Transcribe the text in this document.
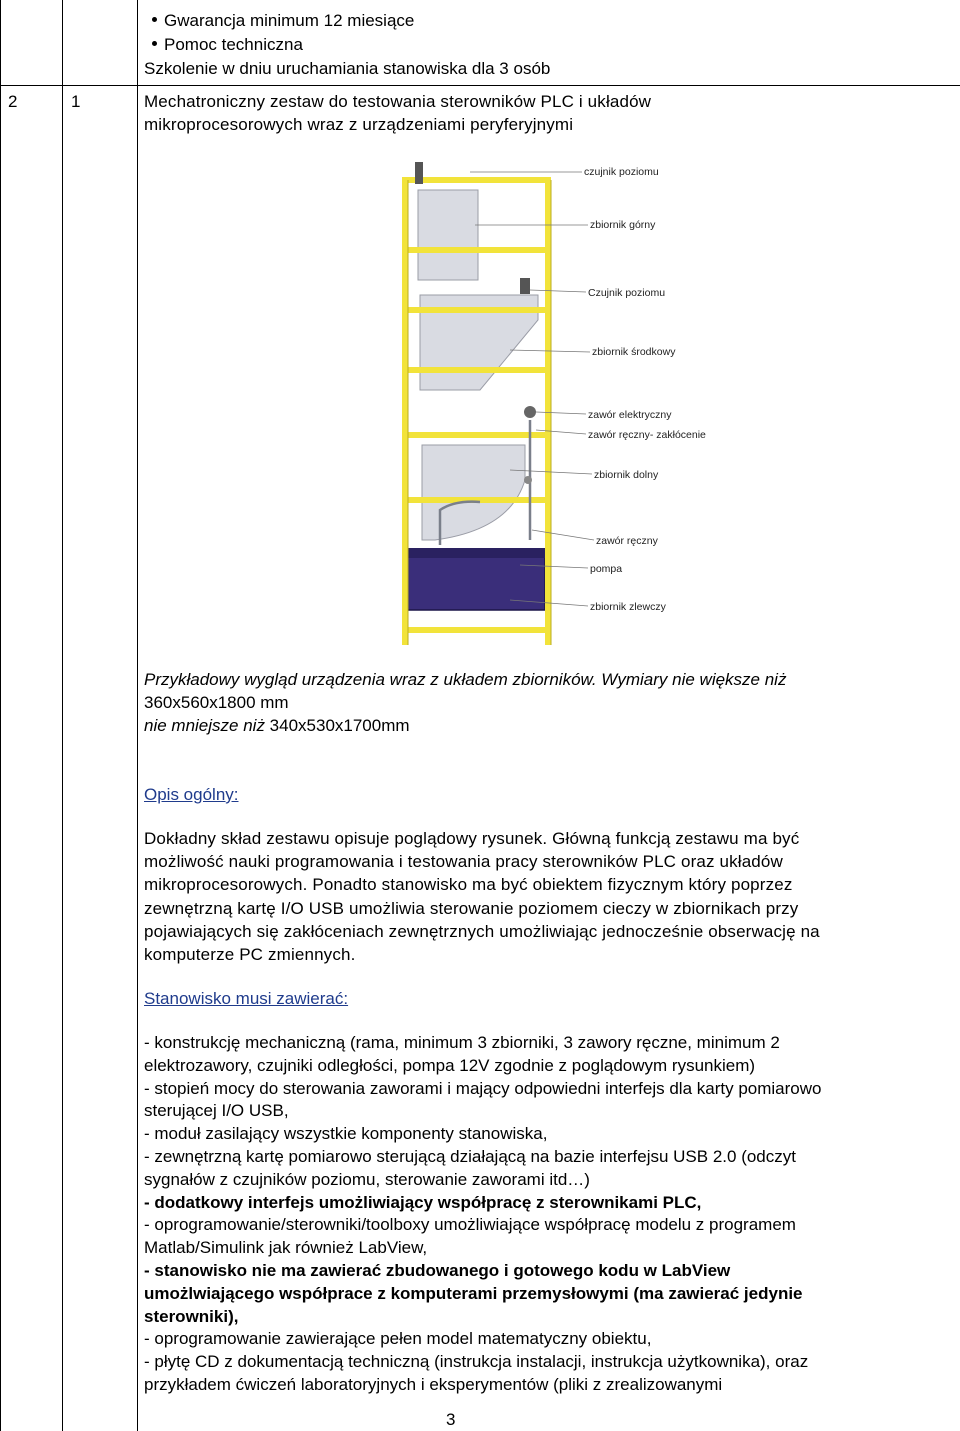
Gwarancja minimum 12 miesiące
Pomoc techniczna
Szkolenie w dniu uruchamiania stanowiska dla 3 osób
2	1	Mechatroniczny zestaw do testowania sterowników PLC i układów
mikroprocesorowych wraz z urządzeniami peryferyjnymi
czujnik poziomu
zbiornik górny
Czujnik poziomu
zbiornik środkowy
zawór elektryczny
zawór ręczny- zakłócenie
zbiornik dolny
zawór ręczny
pompa
zbiornik zlewczy
Przykładowy wygląd urządzenia wraz z układem zbiorników. Wymiary nie większe niż
360x560x1800 mm
nie mniejsze niż 340x530x1700mm
Opis ogólny:
Dokładny skład zestawu opisuje poglądowy rysunek. Główną funkcją zestawu ma być
możliwość nauki programowania i testowania pracy sterowników PLC oraz układów
mikroprocesorowych. Ponadto stanowisko ma być obiektem fizycznym który poprzez
zewnętrzną kartę I/O USB umożliwia sterowanie poziomem cieczy w zbiornikach przy
pojawiających się zakłóceniach zewnętrznych umożliwiając jednocześnie obserwację na
komputerze PC zmiennych.
Stanowisko musi zawierać:
- konstrukcję mechaniczną (rama, minimum 3 zbiorniki, 3 zawory ręczne, minimum 2
elektrozawory, czujniki odległości, pompa 12V zgodnie z poglądowym rysunkiem)
- stopień mocy do sterowania zaworami i mający odpowiedni interfejs dla karty pomiarowo
sterującej I/O USB,
- moduł zasilający wszystkie komponenty stanowiska,
- zewnętrzną kartę pomiarowo sterującą działającą na bazie interfejsu USB 2.0 (odczyt
sygnałów z czujników poziomu, sterowanie zaworami itd…)
- dodatkowy interfejs umożliwiający współpracę z sterownikami PLC,
- oprogramowanie/sterowniki/toolboxy umożliwiające współpracę modelu z programem
Matlab/Simulink jak również LabView,
- stanowisko nie ma zawierać zbudowanego i gotowego kodu w LabView
umożlwiającego współprace z komputerami przemysłowymi (ma zawierać jedynie
sterowniki),
- oprogramowanie zawierające pełen model matematyczny obiektu,
- płytę CD z dokumentacją techniczną (instrukcja instalacji, instrukcja użytkownika), oraz
przykładem ćwiczeń laboratoryjnych i eksperymentów (pliki z zrealizowanymi
3
